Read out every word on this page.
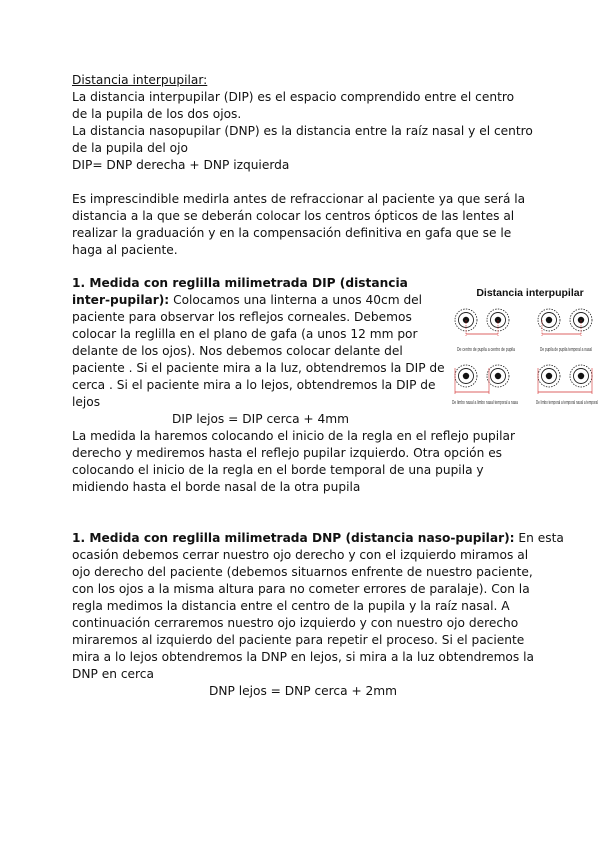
Distancia interpupilar:
La distancia interpupilar (DIP) es el espacio comprendido entre el centro
de la pupila de los dos ojos.
La distancia nasopupilar (DNP) es la distancia entre la raíz nasal y el centro
de la pupila del ojo
DIP= DNP derecha + DNP izquierda
Es imprescindible medirla antes de refraccionar al paciente ya que será la
distancia a la que se deberán colocar los centros ópticos de las lentes al
realizar la graduación y en la compensación definitiva en gafa que se le
haga al paciente.
1. Medida con reglilla milimetrada DIP (distancia
inter-pupilar): Colocamos una linterna a unos 40cm del
paciente para observar los reflejos corneales. Debemos
colocar la reglilla en el plano de gafa (a unos 12 mm por
delante de los ojos). Nos debemos colocar delante del
paciente . Si el paciente mira a la luz, obtendremos la DIP de
cerca . Si el paciente mira a lo lejos, obtendremos la DIP de
lejos
DIP lejos = DIP cerca + 4mm
La medida la haremos colocando el inicio de la regla en el reflejo pupilar
derecho y mediremos hasta el reflejo pupilar izquierdo. Otra opción es
colocando el inicio de la regla en el borde temporal de una pupila y
midiendo hasta el borde nasal de la otra pupila
Distancia interpupilar
De centro de pupila a centro de pupila	De pupila de pupila temporal a nasal
De limbo nasal a limbo nasal temporal a nasa	De limbo temporal a temporal nasal a temporal
1. Medida con reglilla milimetrada DNP (distancia naso-pupilar): En esta
ocasión debemos cerrar nuestro ojo derecho y con el izquierdo miramos al
ojo derecho del paciente (debemos situarnos enfrente de nuestro paciente,
con los ojos a la misma altura para no cometer errores de paralaje). Con la
regla medimos la distancia entre el centro de la pupila y la raíz nasal. A
continuación cerraremos nuestro ojo izquierdo y con nuestro ojo derecho
miraremos al izquierdo del paciente para repetir el proceso. Si el paciente
mira a lo lejos obtendremos la DNP en lejos, si mira a la luz obtendremos la
DNP en cerca
DNP lejos = DNP cerca + 2mm
